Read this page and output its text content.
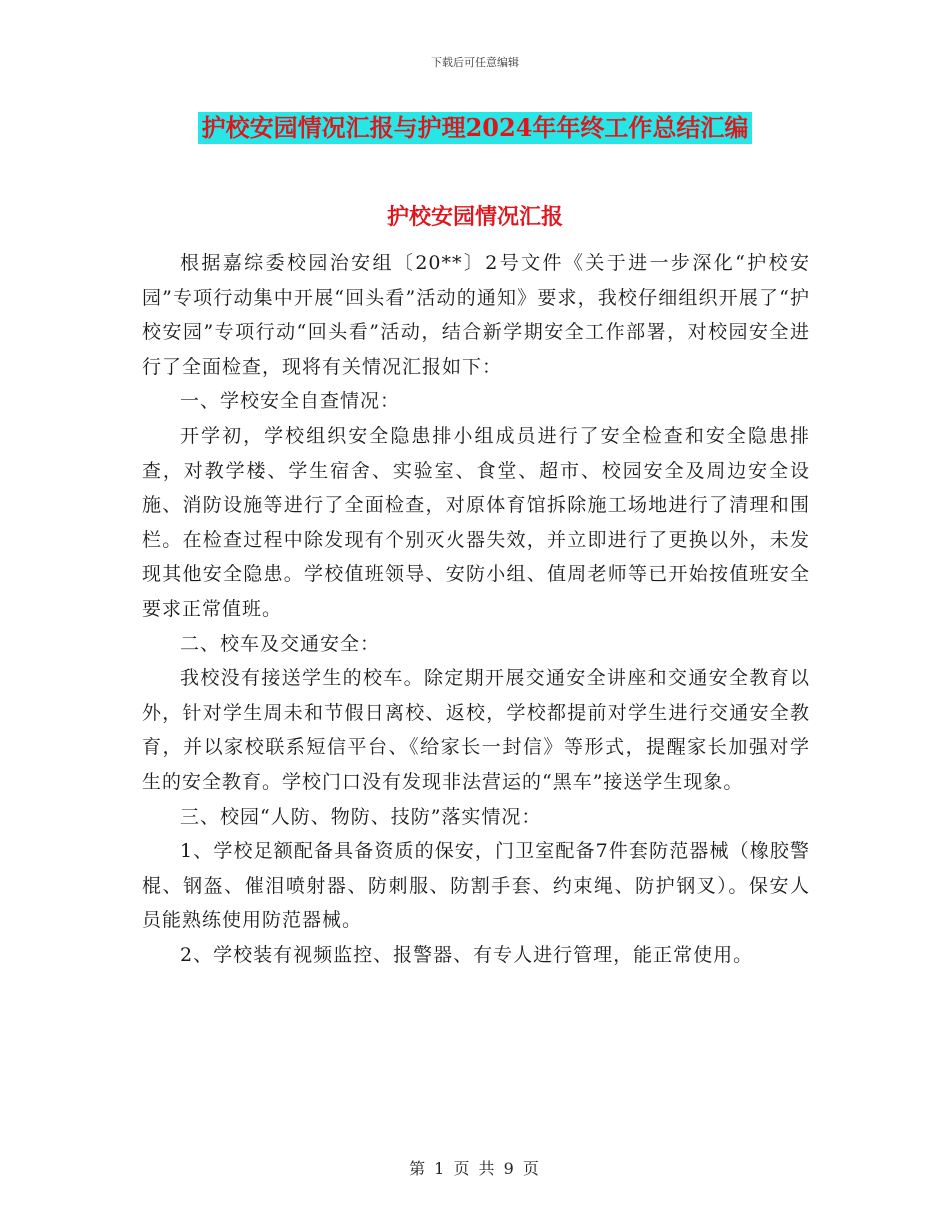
下载后可任意编辑
护校安园情况汇报与护理2024年年终工作总结汇编
护校安园情况汇报

根据嘉综委校园治安组〔20**〕2号文件《关于进一步深化“护校安园”专项行动集中开展“回头看”活动的通知》要求，我校仔细组织开展了“护校安园”专项行动“回头看”活动，结合新学期安全工作部署，对校园安全进行了全面检查，现将有关情况汇报如下：

一、学校安全自查情况：

开学初，学校组织安全隐患排小组成员进行了安全检查和安全隐患排查，对教学楼、学生宿舍、实验室、食堂、超市、校园安全及周边安全设施、消防设施等进行了全面检查，对原体育馆拆除施工场地进行了清理和围栏。在检查过程中除发现有个别灭火器失效，并立即进行了更换以外，未发现其他安全隐患。学校值班领导、安防小组、值周老师等已开始按值班安全要求正常值班。

二、校车及交通安全：

我校没有接送学生的校车。除定期开展交通安全讲座和交通安全教育以外，针对学生周未和节假日离校、返校，学校都提前对学生进行交通安全教育，并以家校联系短信平台、《给家长一封信》等形式，提醒家长加强对学生的安全教育。学校门口没有发现非法营运的“黑车”接送学生现象。

三、校园“人防、物防、技防”落实情况：

1、学校足额配备具备资质的保安，门卫室配备7件套防范器械（橡胶警棍、钢盔、催泪喷射器、防刺服、防割手套、约束绳、防护钢叉）。保安人员能熟练使用防范器械。

2、学校装有视频监控、报警器、有专人进行管理，能正常使用。

第 1 页 共 9 页
